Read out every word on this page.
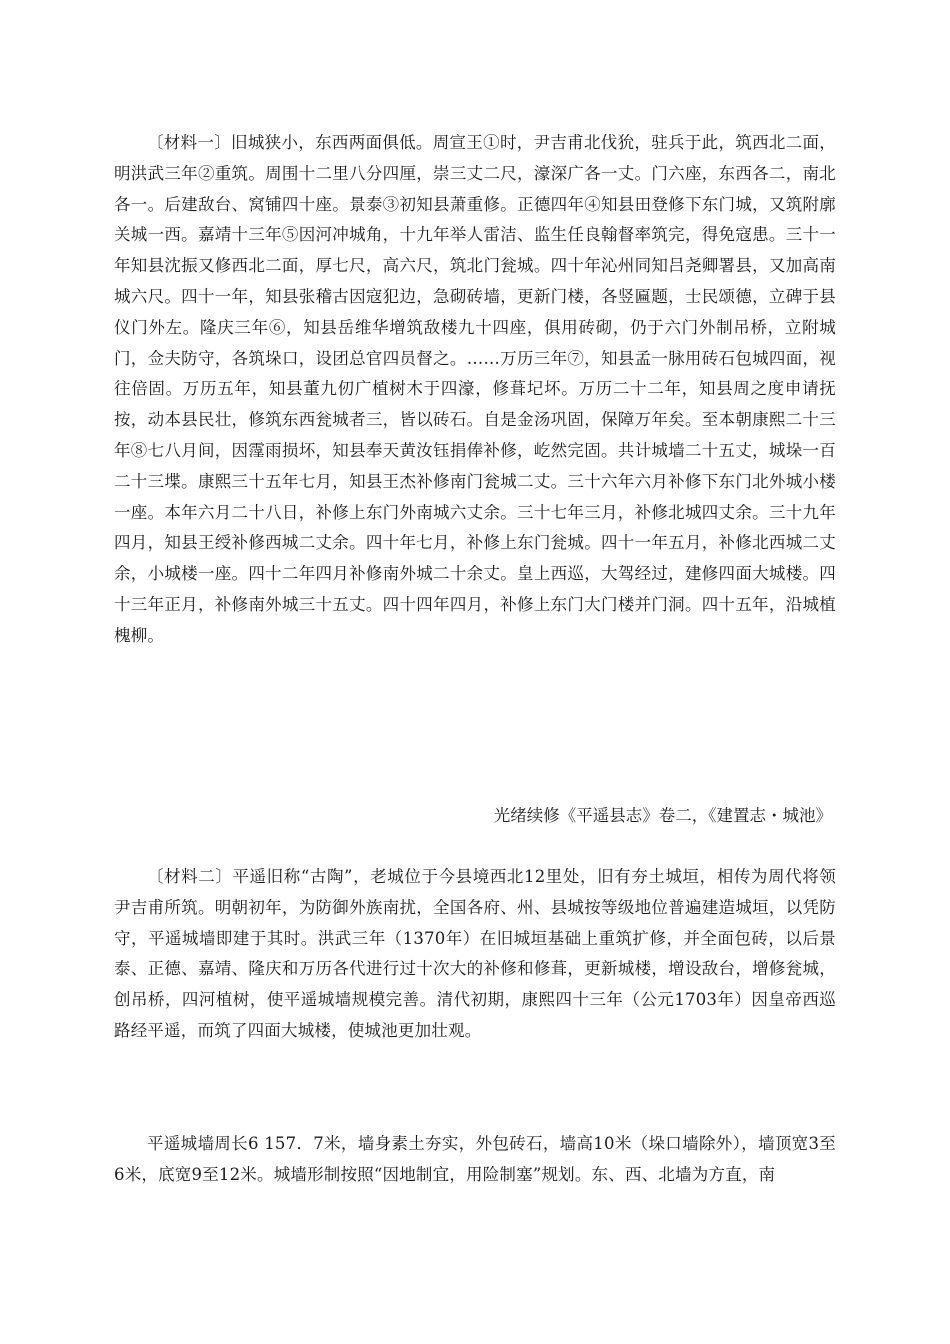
〔材料一〕旧城狭小，东西两面俱低。周宣王①时，尹吉甫北伐狁，驻兵于此，筑西北二面，明洪武三年②重筑。周围十二里八分四厘，崇三丈二尺，濠深广各一丈。门六座，东西各二，南北各一。后建敌台、窝铺四十座。景泰③初知县萧重修。正德四年④知县田登修下东门城，又筑附廓关城一西。嘉靖十三年⑤因河冲城角，十九年举人雷洁、监生任良翰督率筑完，得免寇患。三十一年知县沈振又修西北二面，厚七尺，高六尺，筑北门瓮城。四十年沁州同知吕尧卿署县，又加高南城六尺。四十一年，知县张稽古因寇犯边，急砌砖墙，更新门楼，各竖匾题，士民颂德，立碑于县仪门外左。隆庆三年⑥，知县岳维华增筑敌楼九十四座，俱用砖砌，仍于六门外制吊桥，立附城门，佥夫防守，各筑垛口，设团总官四员督之。……万历三年⑦，知县孟一脉用砖石包城四面，视往倍固。万历五年，知县董九仞广植树木于四濠，修葺圮坏。万历二十二年，知县周之度申请抚按，动本县民壮，修筑东西瓮城者三，皆以砖石。自是金汤巩固，保障万年矣。至本朝康熙二十三年⑧七八月间，因霪雨损坏，知县奉天黄汝钰捐俸补修，屹然完固。共计城墙二十五丈，城垛一百二十三堞。康熙三十五年七月，知县王杰补修南门瓮城二丈。三十六年六月补修下东门北外城小楼一座。本年六月二十八日，补修上东门外南城六丈余。三十七年三月，补修北城四丈余。三十九年四月，知县王绶补修西城二丈余。四十年七月，补修上东门瓮城。四十一年五月，补修北西城二丈余，小城楼一座。四十二年四月补修南外城二十余丈。皇上西巡，大驾经过，建修四面大城楼。四十三年正月，补修南外城三十五丈。四十四年四月，补修上东门大门楼并门洞。四十五年，沿城植槐柳。

光绪续修《平遥县志》卷二，《建置志・城池》

〔材料二〕平遥旧称“古陶”，老城位于今县境西北12里处，旧有夯土城垣，相传为周代将领尹吉甫所筑。明朝初年，为防御外族南扰，全国各府、州、县城按等级地位普遍建造城垣，以凭防守，平遥城墙即建于其时。洪武三年（1370年）在旧城垣基础上重筑扩修，并全面包砖，以后景泰、正德、嘉靖、隆庆和万历各代进行过十次大的补修和修葺，更新城楼，增设敌台，增修瓮城，创吊桥，四河植树，使平遥城墙规模完善。清代初期，康熙四十三年（公元1703年）因皇帝西巡路经平遥，而筑了四面大城楼，使城池更加壮观。

平遥城墙周长6 157．7米，墙身素土夯实，外包砖石，墙高10米（垛口墙除外），墙顶宽3至6米，底宽9至12米。城墙形制按照“因地制宜，用险制塞”规划。东、西、北墙为方直，南
